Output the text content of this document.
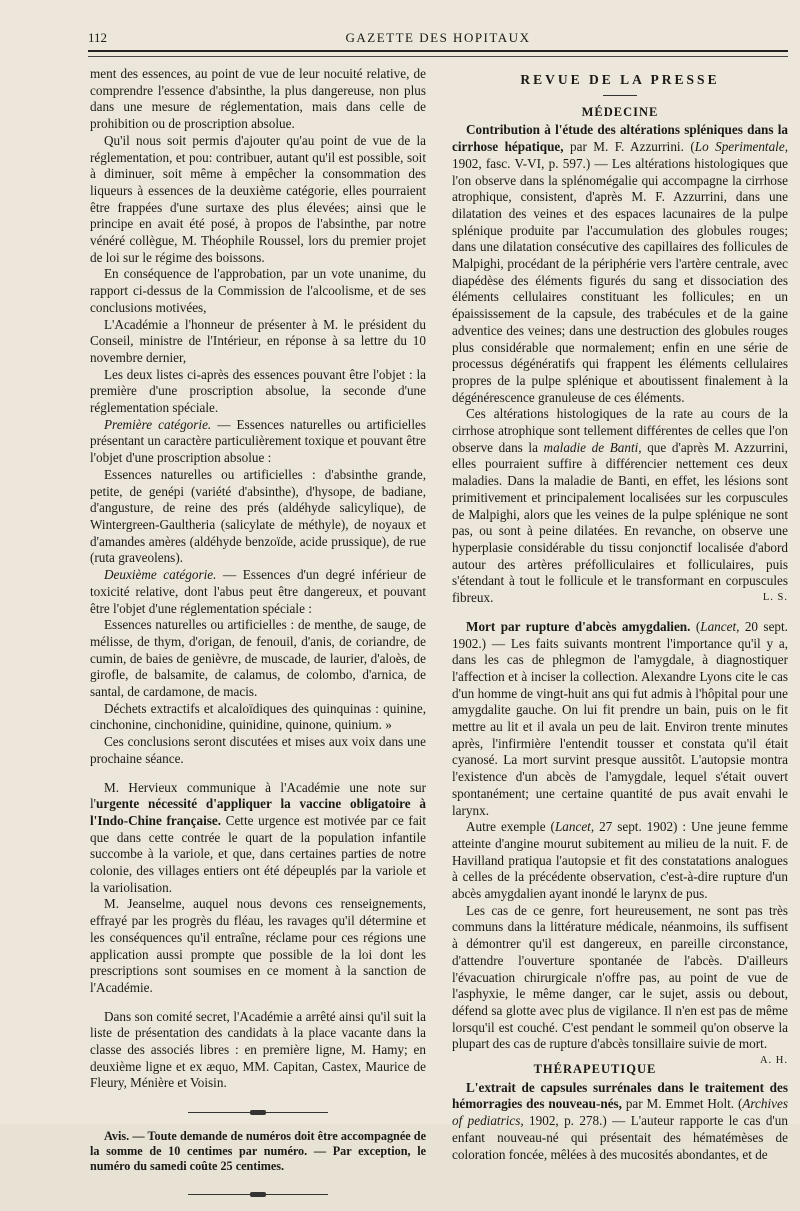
112	GAZETTE DES HOPITAUX

ment des essences, au point de vue de leur nocuité relative, de comprendre l'essence d'absinthe, la plus dangereuse, non plus dans une mesure de réglementation, mais dans celle de prohibition ou de proscription absolue.

Qu'il nous soit permis d'ajouter qu'au point de vue de la réglementation, et pou: contribuer, autant qu'il est possible, soit à diminuer, soit même à empêcher la consommation des liqueurs à essences de la deuxième catégorie, elles pourraient être frappées d'une surtaxe des plus élevées; ainsi que le principe en avait été posé, à propos de l'absinthe, par notre vénéré collègue, M. Théophile Roussel, lors du premier projet de loi sur le régime des boissons.

En conséquence de l'approbation, par un vote unanime, du rapport ci-dessus de la Commission de l'alcoolisme, et de ses conclusions motivées,

L'Académie a l'honneur de présenter à M. le président du Conseil, ministre de l'Intérieur, en réponse à sa lettre du 10 novembre dernier,

Les deux listes ci-après des essences pouvant être l'objet : la première d'une proscription absolue, la seconde d'une réglementation spéciale.

Première catégorie. — Essences naturelles ou artificielles présentant un caractère particulièrement toxique et pouvant être l'objet d'une proscription absolue :

Essences naturelles ou artificielles : d'absinthe grande, petite, de genépi (variété d'absinthe), d'hysope, de badiane, d'angusture, de reine des prés (aldéhyde salicylique), de Wintergreen-Gaultheria (salicylate de méthyle), de noyaux et d'amandes amères (aldéhyde benzoïde, acide prussique), de rue (ruta graveolens).

Deuxième catégorie. — Essences d'un degré inférieur de toxicité relative, dont l'abus peut être dangereux, et pouvant être l'objet d'une réglementation spéciale :

Essences naturelles ou artificielles : de menthe, de sauge, de mélisse, de thym, d'origan, de fenouil, d'anis, de coriandre, de cumin, de baies de genièvre, de muscade, de laurier, d'aloès, de girofle, de balsamite, de calamus, de colombo, d'arnica, de santal, de cardamone, de macis.

Déchets extractifs et alcaloïdiques des quinquinas : quinine, cinchonine, cinchonidine, quinidine, quinone, quinium. »

Ces conclusions seront discutées et mises aux voix dans une prochaine séance.

M. Hervieux communique à l'Académie une note sur l'urgente nécessité d'appliquer la vaccine obligatoire à l'Indo-Chine française. Cette urgence est motivée par ce fait que dans cette contrée le quart de la population infantile succombe à la variole, et que, dans certaines parties de notre colonie, des villages entiers ont été dépeuplés par la variole et la variolisation.

M. Jeanselme, auquel nous devons ces renseignements, effrayé par les progrès du fléau, les ravages qu'il détermine et les conséquences qu'il entraîne, réclame pour ces régions une application aussi prompte que possible de la loi dont les prescriptions sont soumises en ce moment à la sanction de l'Académie.

Dans son comité secret, l'Académie a arrêté ainsi qu'il suit la liste de présentation des candidats à la place vacante dans la classe des associés libres : en première ligne, M. Hamy; en deuxième ligne et ex æquo, MM. Capitan, Castex, Maurice de Fleury, Ménière et Voisin.

Avis. — Toute demande de numéros doit être accompagnée de la somme de 10 centimes par numéro. — Par exception, le numéro du samedi coûte 25 centimes.

REVUE DE LA PRESSE
MÉDECINE

Contribution à l'étude des altérations spléniques dans la cirrhose hépatique, par M. F. Azzurrini. (Lo Sperimentale, 1902, fasc. V-VI, p. 597.) — Les altérations histologiques que l'on observe dans la splénomégalie qui accompagne la cirrhose atrophique, consistent, d'après M. F. Azzurrini, dans une dilatation des veines et des espaces lacunaires de la pulpe splénique produite par l'accumulation des globules rouges; dans une dilatation consécutive des capillaires des follicules de Malpighi, procédant de la périphérie vers l'artère centrale, avec diapédèse des éléments figurés du sang et dissociation des éléments cellulaires constituant les follicules; en un épaississement de la capsule, des trabécules et de la gaine adventice des veines; dans une destruction des globules rouges plus considérable que normalement; enfin en une série de processus dégénératifs qui frappent les éléments cellulaires propres de la pulpe splénique et aboutissent finalement à la dégénérescence granuleuse de ces éléments.

Ces altérations histologiques de la rate au cours de la cirrhose atrophique sont tellement différentes de celles que l'on observe dans la maladie de Banti, que d'après M. Azzurrini, elles pourraient suffire à différencier nettement ces deux maladies. Dans la maladie de Banti, en effet, les lésions sont primitivement et principalement localisées sur les corpuscules de Malpighi, alors que les veines de la pulpe splénique ne sont pas, ou sont à peine dilatées. En revanche, on observe une hyperplasie considérable du tissu conjonctif localisée d'abord autour des artères préfolliculaires et folliculaires, puis s'étendant à tout le follicule et le transformant en corpuscules fibreux.	L. S.

Mort par rupture d'abcès amygdalien. (Lancet, 20 sept. 1902.) — Les faits suivants montrent l'importance qu'il y a, dans les cas de phlegmon de l'amygdale, à diagnostiquer l'affection et à inciser la collection. Alexandre Lyons cite le cas d'un homme de vingt-huit ans qui fut admis à l'hôpital pour une amygdalite gauche. On lui fit prendre un bain, puis on le fit mettre au lit et il avala un peu de lait. Environ trente minutes après, l'infirmière l'entendit tousser et constata qu'il était cyanosé. La mort survint presque aussitôt. L'autopsie montra l'existence d'un abcès de l'amygdale, lequel s'était ouvert spontanément; une certaine quantité de pus avait envahi le larynx.

Autre exemple (Lancet, 27 sept. 1902) : Une jeune femme atteinte d'angine mourut subitement au milieu de la nuit. F. de Havilland pratiqua l'autopsie et fit des constatations analogues à celles de la précédente observation, c'est-à-dire rupture d'un abcès amygdalien ayant inondé le larynx de pus.

Les cas de ce genre, fort heureusement, ne sont pas très communs dans la littérature médicale, néanmoins, ils suffisent à démontrer qu'il est dangereux, en pareille circonstance, d'attendre l'ouverture spontanée de l'abcès. D'ailleurs l'évacuation chirurgicale n'offre pas, au point de vue de l'asphyxie, le même danger, car le sujet, assis ou debout, défend sa glotte avec plus de vigilance. Il n'en est pas de même lorsqu'il est couché. C'est pendant le sommeil qu'on observe la plupart des cas de rupture d'abcès tonsillaire suivie de mort.
A. H.

THÉRAPEUTIQUE

L'extrait de capsules surrénales dans le traitement des hémorragies des nouveau-nés, par M. Emmet Holt. (Archives of pediatrics, 1902, p. 278.) — L'auteur rapporte le cas d'un enfant nouveau-né qui présentait des hématémèses de coloration foncée, mêlées à des mucosités abondantes, et de
